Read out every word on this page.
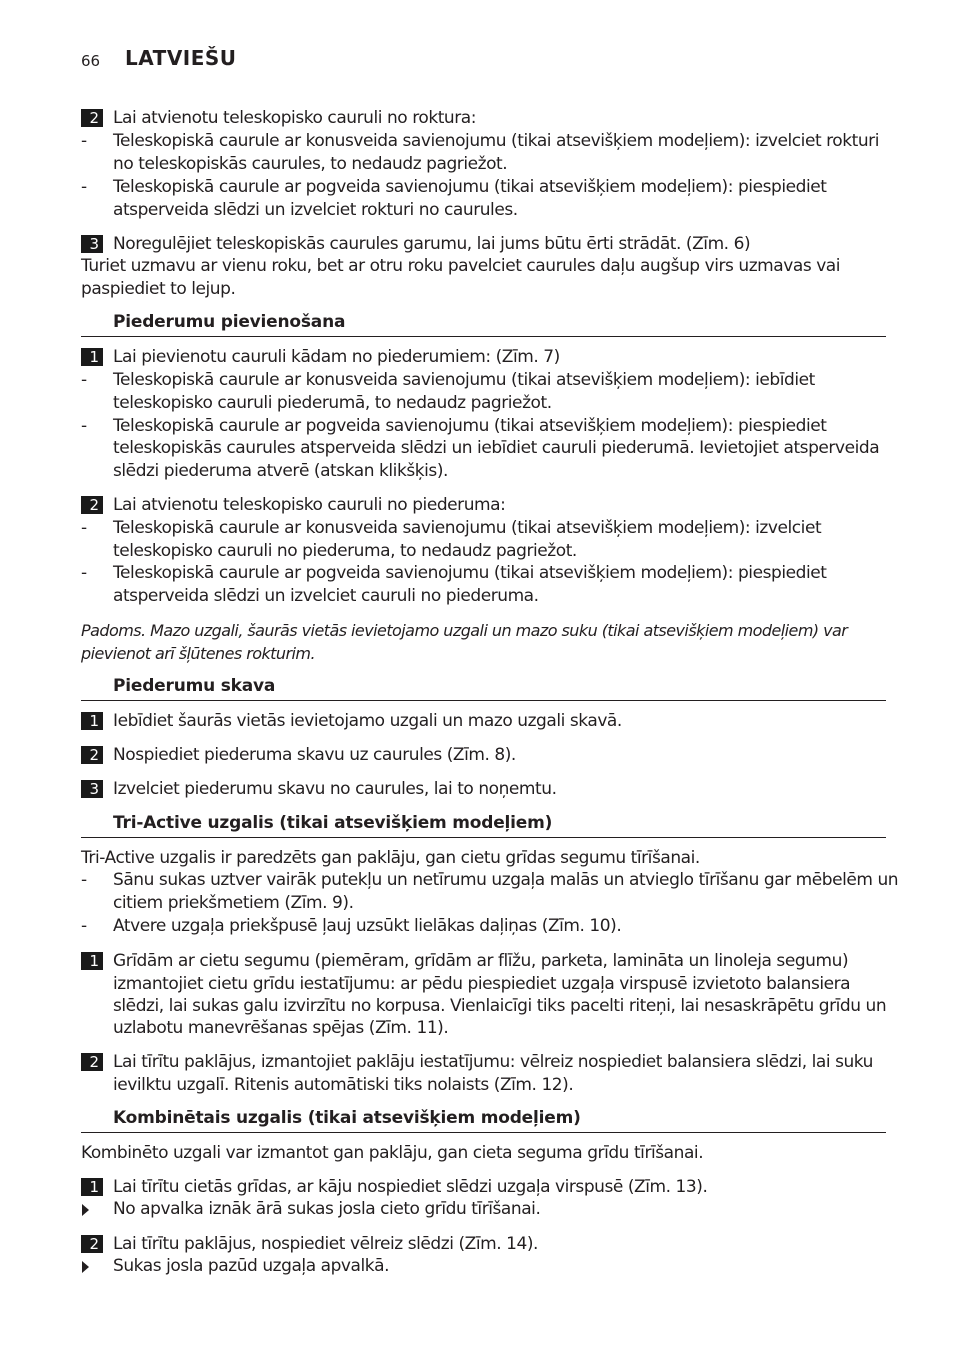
66 LATVIEŠU
2 Lai atvienotu teleskopisko cauruli no roktura:
- Teleskopiskā caurule ar konusveida savienojumu (tikai atsevišķiem modeļiem): izvelciet rokturi
no teleskopiskās caurules, to nedaudz pagriežot.
- Teleskopiskā caurule ar pogveida savienojumu (tikai atsevišķiem modeļiem): piespiediet
atsperveida slēdzi un izvelciet rokturi no caurules.
3 Noregulējiet teleskopiskās caurules garumu, lai jums būtu ērti strādāt. (Zīm. 6)
Turiet uzmavu ar vienu roku, bet ar otru roku pavelciet caurules daļu augšup virs uzmavas vai
paspiediet to lejup.
Piederumu pievienošana
1 Lai pievienotu cauruli kādam no piederumiem: (Zīm. 7)
- Teleskopiskā caurule ar konusveida savienojumu (tikai atsevišķiem modeļiem): iebīdiet
teleskopisko cauruli piederumā, to nedaudz pagriežot.
- Teleskopiskā caurule ar pogveida savienojumu (tikai atsevišķiem modeļiem): piespiediet
teleskopiskās caurules atsperveida slēdzi un iebīdiet cauruli piederumā. Ievietojiet atsperveida
slēdzi piederuma atverē (atskan klikšķis).
2 Lai atvienotu teleskopisko cauruli no piederuma:
- Teleskopiskā caurule ar konusveida savienojumu (tikai atsevišķiem modeļiem): izvelciet
teleskopisko cauruli no piederuma, to nedaudz pagriežot.
- Teleskopiskā caurule ar pogveida savienojumu (tikai atsevišķiem modeļiem): piespiediet
atsperveida slēdzi un izvelciet cauruli no piederuma.
Padoms. Mazo uzgali, šaurās vietās ievietojamo uzgali un mazo suku (tikai atsevišķiem modeļiem) var
pievienot arī šļūtenes rokturim.
Piederumu skava
1 Iebīdiet šaurās vietās ievietojamo uzgali un mazo uzgali skavā.
2 Nospiediet piederuma skavu uz caurules (Zīm. 8).
3 Izvelciet piederumu skavu no caurules, lai to noņemtu.
Tri-Active uzgalis (tikai atsevišķiem modeļiem)
Tri-Active uzgalis ir paredzēts gan paklāju, gan cietu grīdas segumu tīrīšanai.
- Sānu sukas uztver vairāk putekļu un netīrumu uzgaļa malās un atvieglo tīrīšanu gar mēbelēm un
citiem priekšmetiem (Zīm. 9).
- Atvere uzgaļa priekšpusē ļauj uzsūkt lielākas daļiņas (Zīm. 10).
1 Grīdām ar cietu segumu (piemēram, grīdām ar flīžu, parketa, lamināta un linoleja segumu)
izmantojiet cietu grīdu iestatījumu: ar pēdu piespiediet uzgaļa virspusē izvietoto balansiera
slēdzi, lai sukas galu izvirzītu no korpusa. Vienlaicīgi tiks pacelti riteņi, lai nesaskrāpētu grīdu un
uzlabotu manevrēšanas spējas (Zīm. 11).
2 Lai tīrītu paklājus, izmantojiet paklāju iestatījumu: vēlreiz nospiediet balansiera slēdzi, lai suku
ievilktu uzgalī. Ritenis automātiski tiks nolaists (Zīm. 12).
Kombinētais uzgalis (tikai atsevišķiem modeļiem)
Kombinēto uzgali var izmantot gan paklāju, gan cieta seguma grīdu tīrīšanai.
1 Lai tīrītu cietās grīdas, ar kāju nospiediet slēdzi uzgaļa virspusē (Zīm. 13).
No apvalka iznāk ārā sukas josla cieto grīdu tīrīšanai.
2 Lai tīrītu paklājus, nospiediet vēlreiz slēdzi (Zīm. 14).
Sukas josla pazūd uzgaļa apvalkā.
